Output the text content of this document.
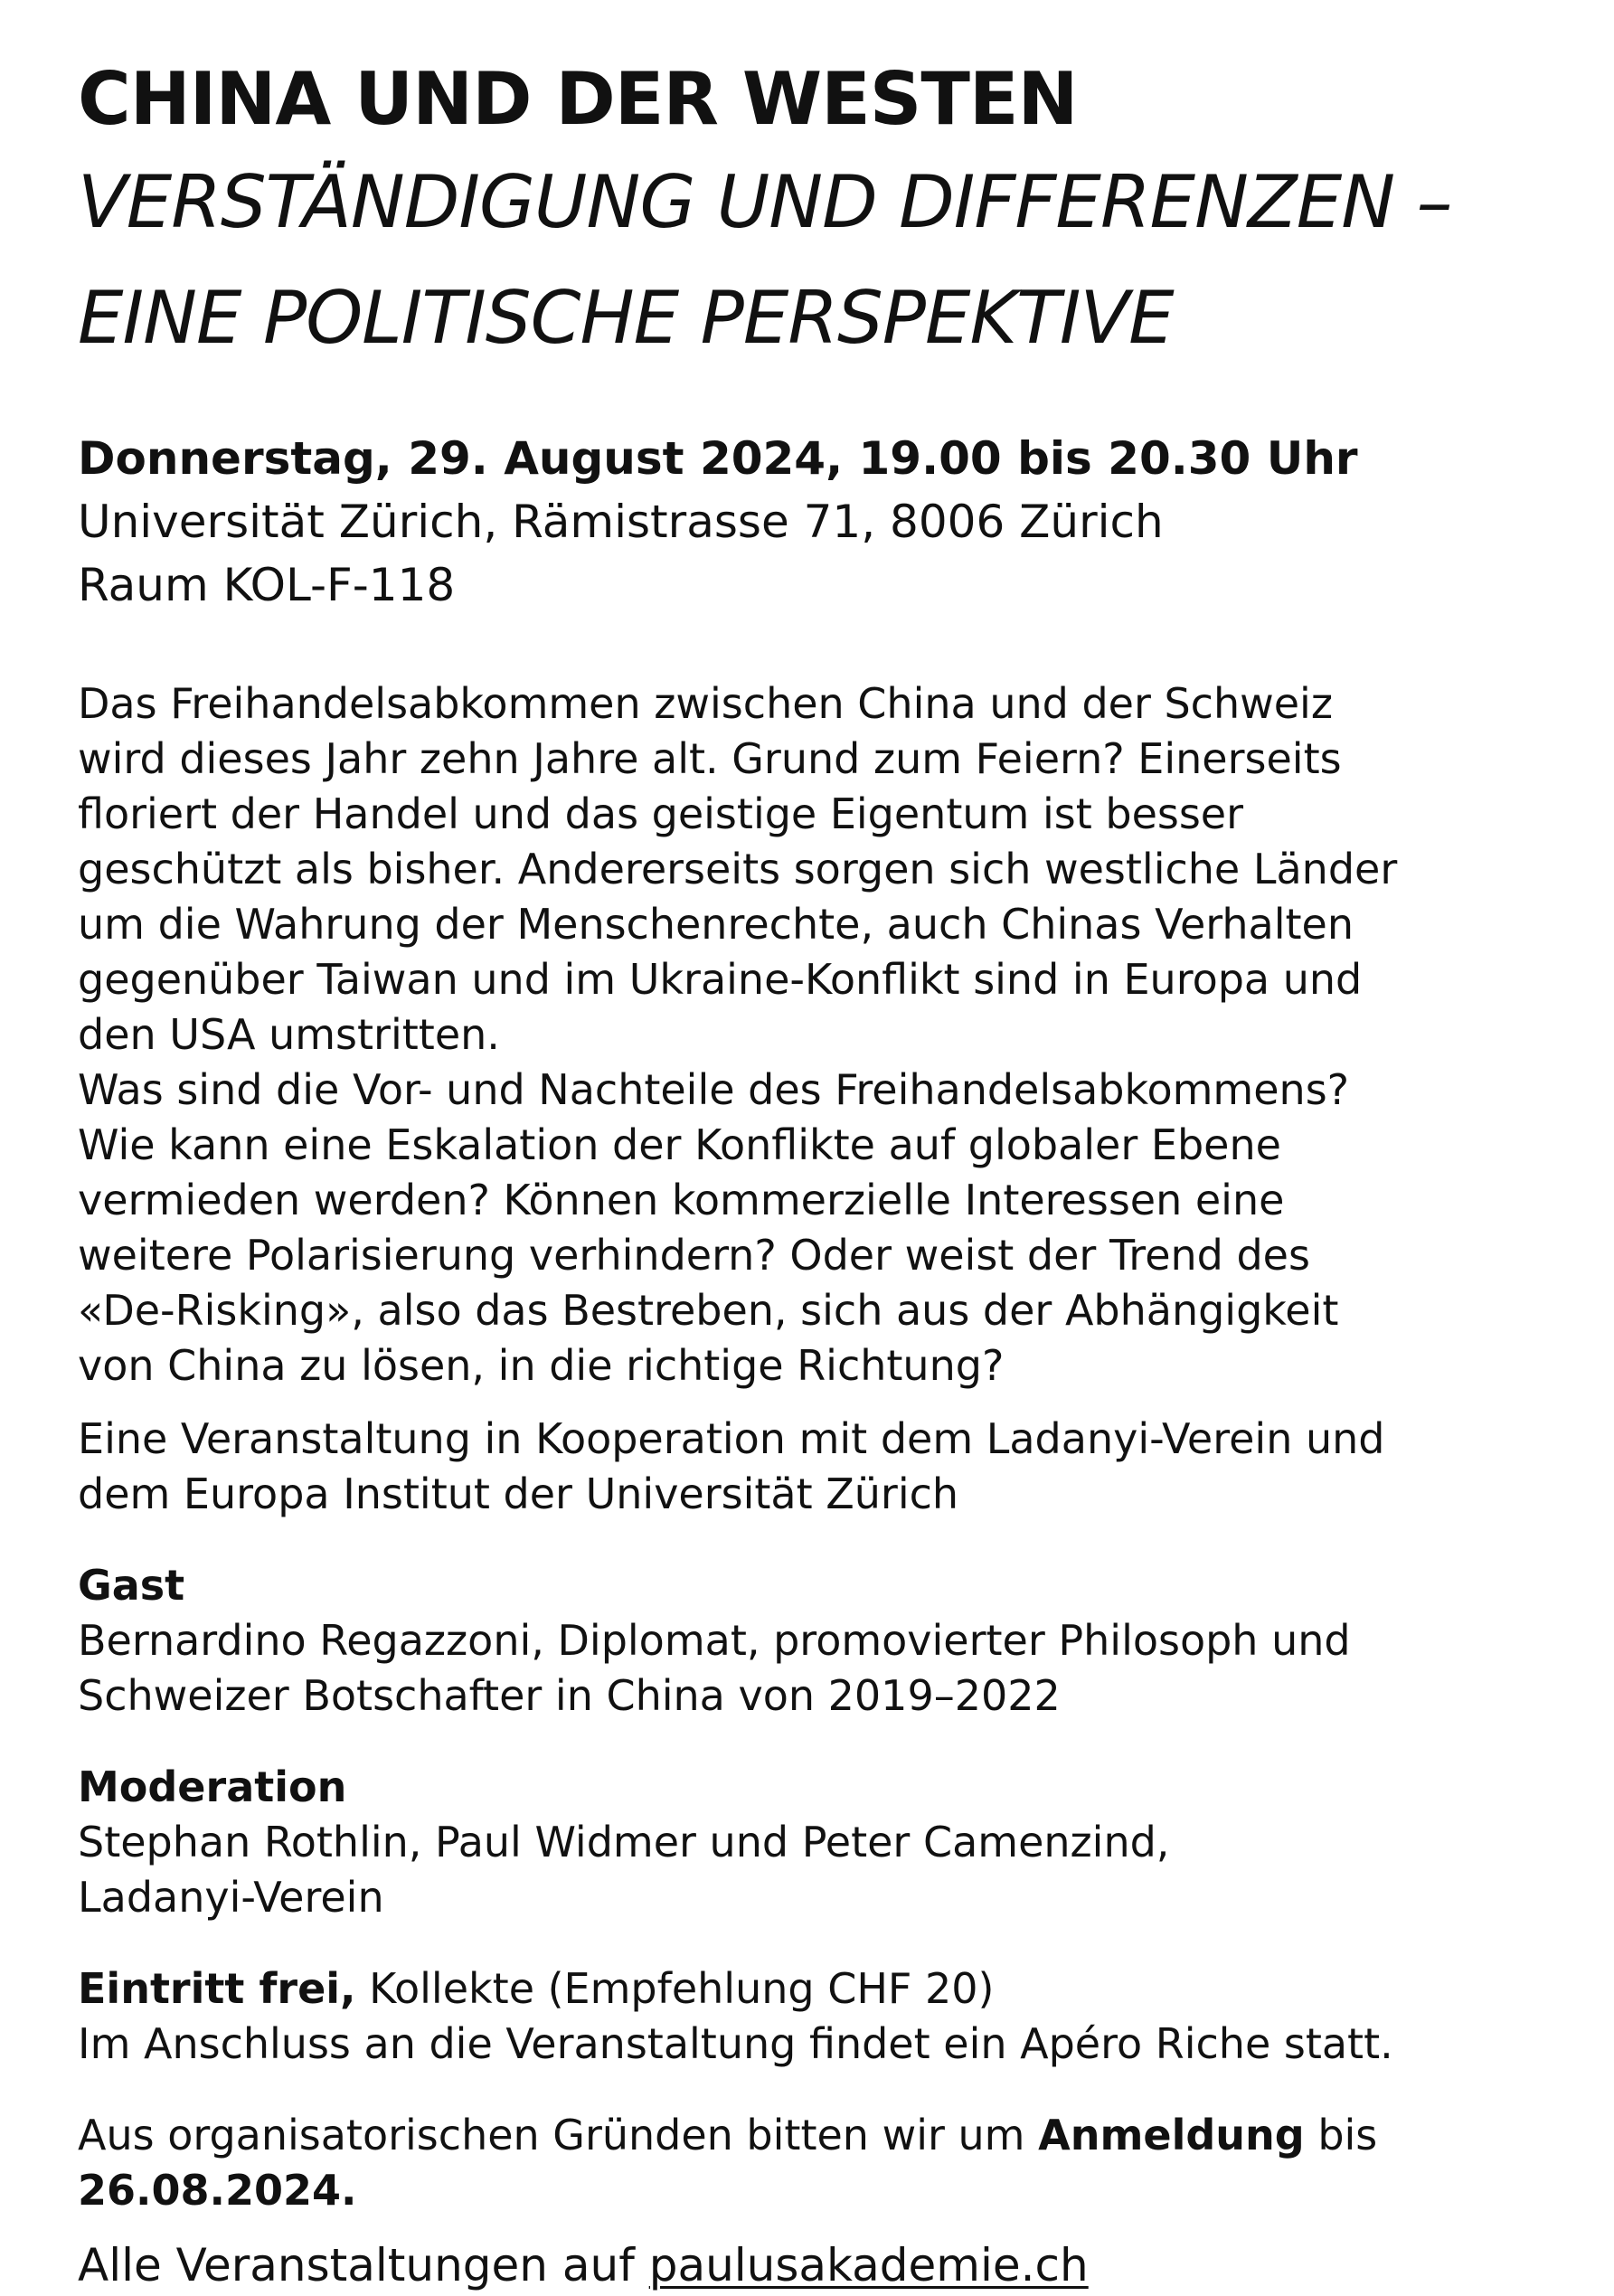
CHINA UND DER WESTEN
VERSTÄNDIGUNG UND DIFFERENZEN –
EINE POLITISCHE PERSPEKTIVE
Donnerstag, 29. August 2024, 19.00 bis 20.30 Uhr
Universität Zürich, Rämistrasse 71, 8006 Zürich
Raum KOL-F-118
Das Freihandelsabkommen zwischen China und der Schweiz
wird dieses Jahr zehn Jahre alt. Grund zum Feiern? Einerseits
floriert der Handel und das geistige Eigentum ist besser
geschützt als bisher. Andererseits sorgen sich westliche Länder
um die Wahrung der Menschenrechte, auch Chinas Verhalten
gegenüber Taiwan und im Ukraine-Konflikt sind in Europa und
den USA umstritten.
Was sind die Vor- und Nachteile des Freihandelsabkommens?
Wie kann eine Eskalation der Konflikte auf globaler Ebene
vermieden werden? Können kommerzielle Interessen eine
weitere Polarisierung verhindern? Oder weist der Trend des
«De-Risking», also das Bestreben, sich aus der Abhängigkeit
von China zu lösen, in die richtige Richtung?
Eine Veranstaltung in Kooperation mit dem Ladanyi-Verein und
dem Europa Institut der Universität Zürich
Gast
Bernardino Regazzoni, Diplomat, promovierter Philosoph und
Schweizer Botschafter in China von 2019–2022
Moderation
Stephan Rothlin, Paul Widmer und Peter Camenzind,
Ladanyi-Verein
Eintritt frei, Kollekte (Empfehlung CHF 20)
Im Anschluss an die Veranstaltung findet ein Apéro Riche statt.
Aus organisatorischen Gründen bitten wir um Anmeldung bis
26.08.2024.
Alle Veranstaltungen auf paulusakademie.ch
